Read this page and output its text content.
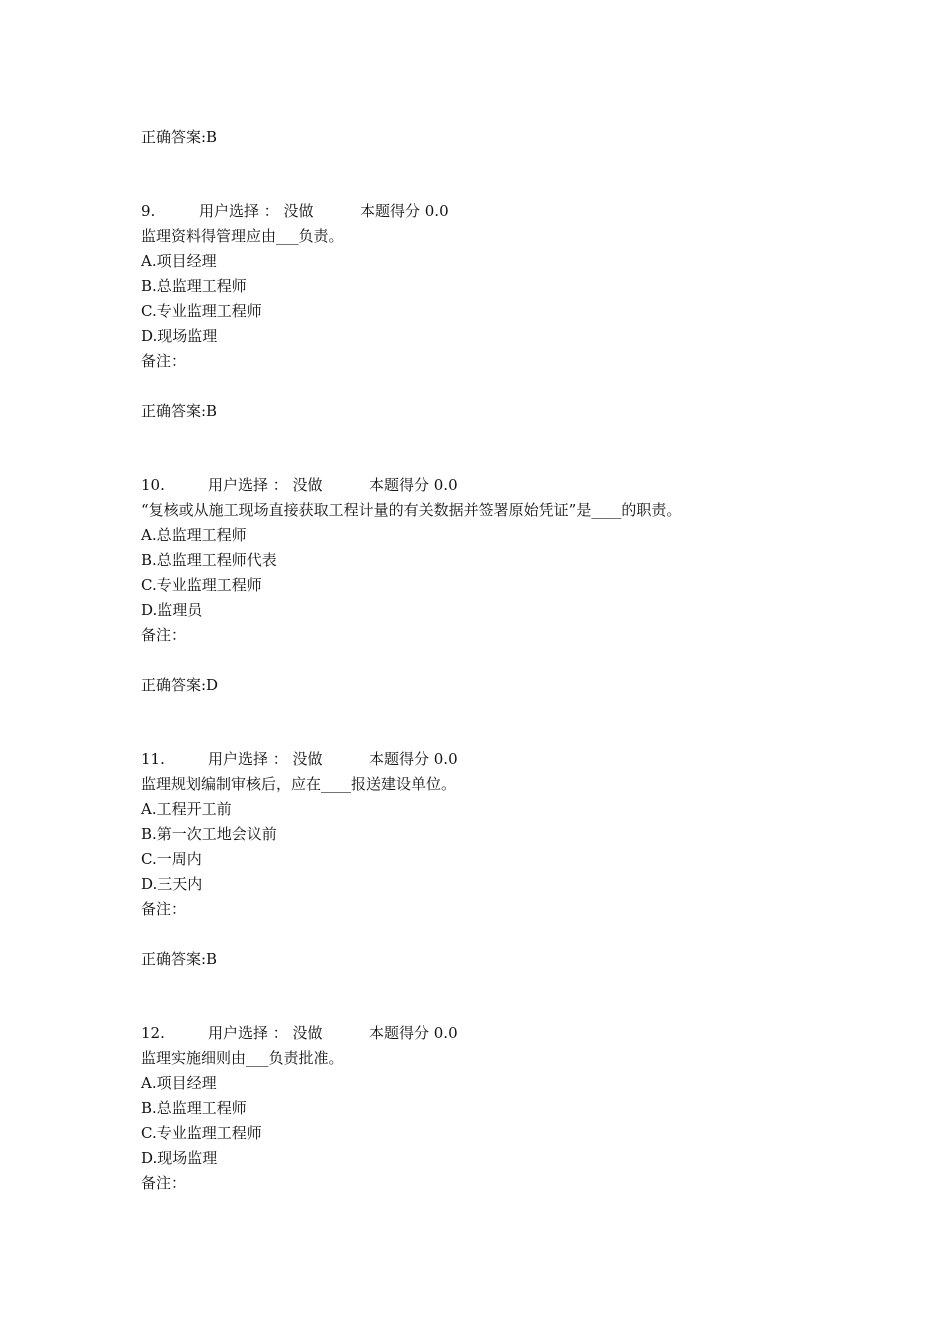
正确答案:B
9.	用户选择 ： 没做	本题得分 0.0
监理资料得管理应由___负责。
A.项目经理
B.总监理工程师
C.专业监理工程师
D.现场监理
备注：
正确答案:B
10.	用户选择 ： 没做	本题得分 0.0
“复核或从施工现场直接获取工程计量的有关数据并签署原始凭证”是____的职责。
A.总监理工程师
B.总监理工程师代表
C.专业监理工程师
D.监理员
备注：
正确答案:D
11.	用户选择 ： 没做	本题得分 0.0
监理规划编制审核后，应在____报送建设单位。
A.工程开工前
B.第一次工地会议前
C.一周内
D.三天内
备注：
正确答案:B
12.	用户选择 ： 没做	本题得分 0.0
监理实施细则由___负责批准。
A.项目经理
B.总监理工程师
C.专业监理工程师
D.现场监理
备注：
